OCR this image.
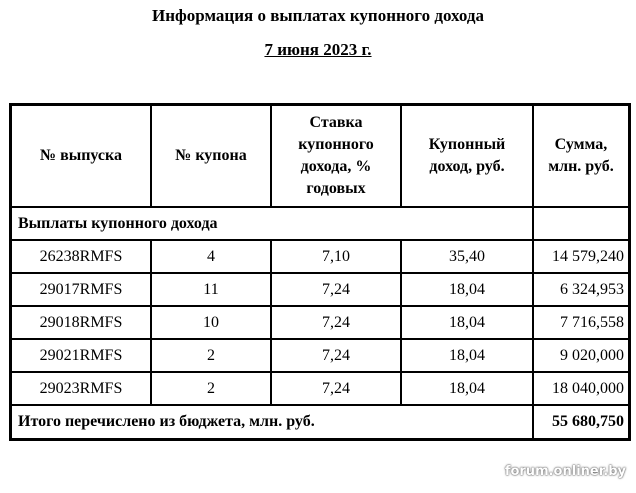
Информация о выплатах купонного дохода
7 июня 2023 г.
№ выпуска	№ купона	Ставка купонного дохода, % годовых	Купонный доход, руб.	Сумма, млн. руб.
Выплаты купонного дохода				
26238RMFS	4	7,10	35,40	14 579,240
29017RMFS	11	7,24	18,04	6 324,953
29018RMFS	10	7,24	18,04	7 716,558
29021RMFS	2	7,24	18,04	9 020,000
29023RMFS	2	7,24	18,04	18 040,000
Итого перечислено из бюджета, млн. руб.				55 680,750
forum.onliner.by
